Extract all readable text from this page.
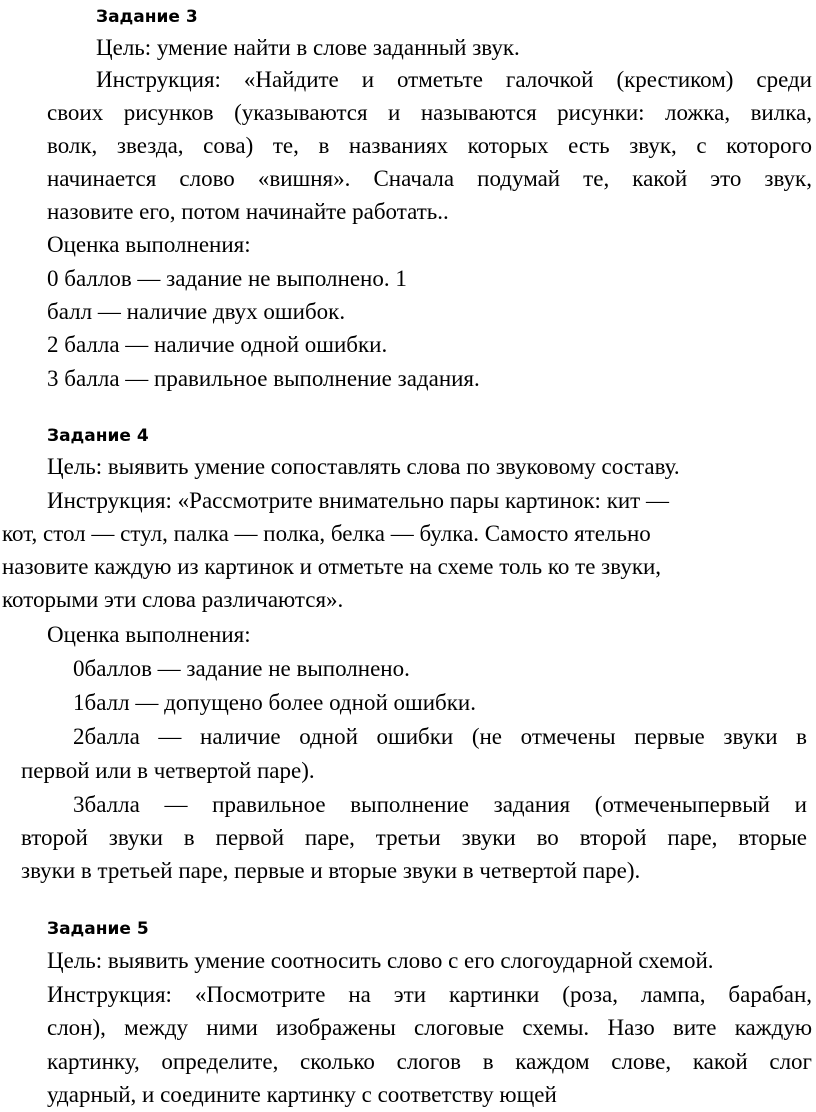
Задание 3
Цель: умение найти в слове заданный звук.
Инструкция: «Найдите и отметьте галочкой (крестиком) среди
своих рисунков (указываются и называются рисунки: ложка, вилка,
волк, звезда, сова) те, в названиях которых есть звук, с которого
начинается слово «вишня». Сначала подумай те, какой это звук,
назовите его, потом начинайте работать..
Оценка выполнения:
0 баллов — задание не выполнено. 1
балл — наличие двух ошибок.
2 балла — наличие одной ошибки.
3 балла — правильное выполнение задания.
Задание 4
Цель: выявить умение сопоставлять слова по звуковому составу.
Инструкция: «Рассмотрите внимательно пары картинок: кит —
кот, стол — стул, палка — полка, белка — булка. Самосто ятельно
назовите каждую из картинок и отметьте на схеме толь ко те звуки,
которыми эти слова различаются».
Оценка выполнения:
0баллов — задание не выполнено.
1балл — допущено более одной ошибки.
2балла — наличие одной ошибки (не отмечены первые звуки в
первой или в четвертой паре).
3балла — правильное выполнение задания (отмеченыпервый и
второй звуки в первой паре, третьи звуки во второй паре, вторые
звуки в третьей паре, первые и вторые звуки в четвертой паре).
Задание 5
Цель: выявить умение соотносить слово с его слогоударной схемой.
Инструкция: «Посмотрите на эти картинки (роза, лампа, барабан,
слон), между ними изображены слоговые схемы. Назо вите каждую
картинку, определите, сколько слогов в каждом слове, какой слог
ударный, и соедините картинку с соответству ющей
